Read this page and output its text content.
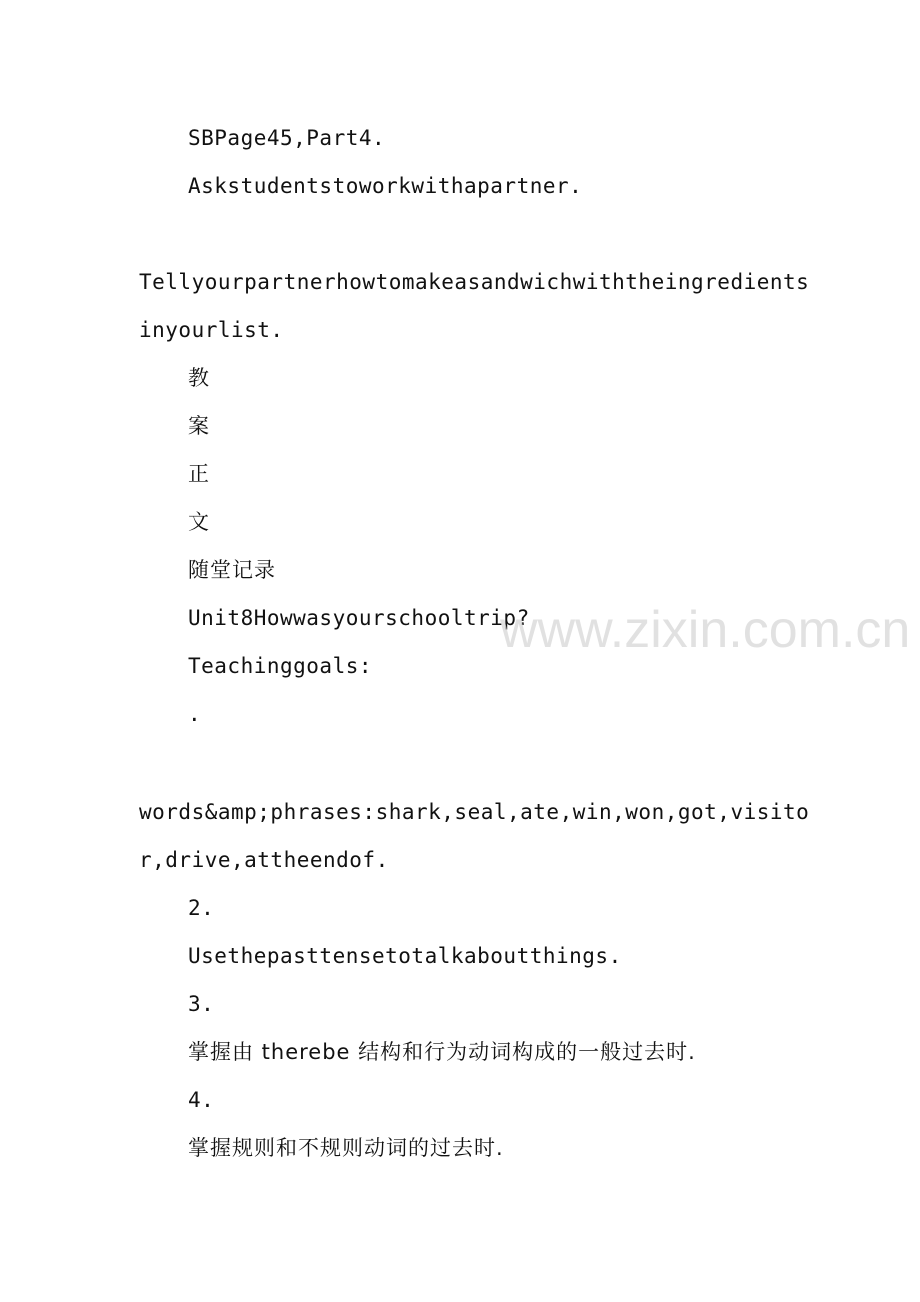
SBPage45,Part4.
Askstudentstoworkwithapartner.
Tellyourpartnerhowtomakeasandwichwiththeingredients
inyourlist.
教
案
正
文
随堂记录
Unit8Howwasyourschooltrip?
Teachinggoals:
.
words&amp;phrases:shark,seal,ate,win,won,got,visito
r,drive,attheendof.
2.
Usethepasttensetotalkaboutthings.
3.
掌握由 therebe 结构和行为动词构成的一般过去时.
4.
掌握规则和不规则动词的过去时.
www.zixin.com.cn
